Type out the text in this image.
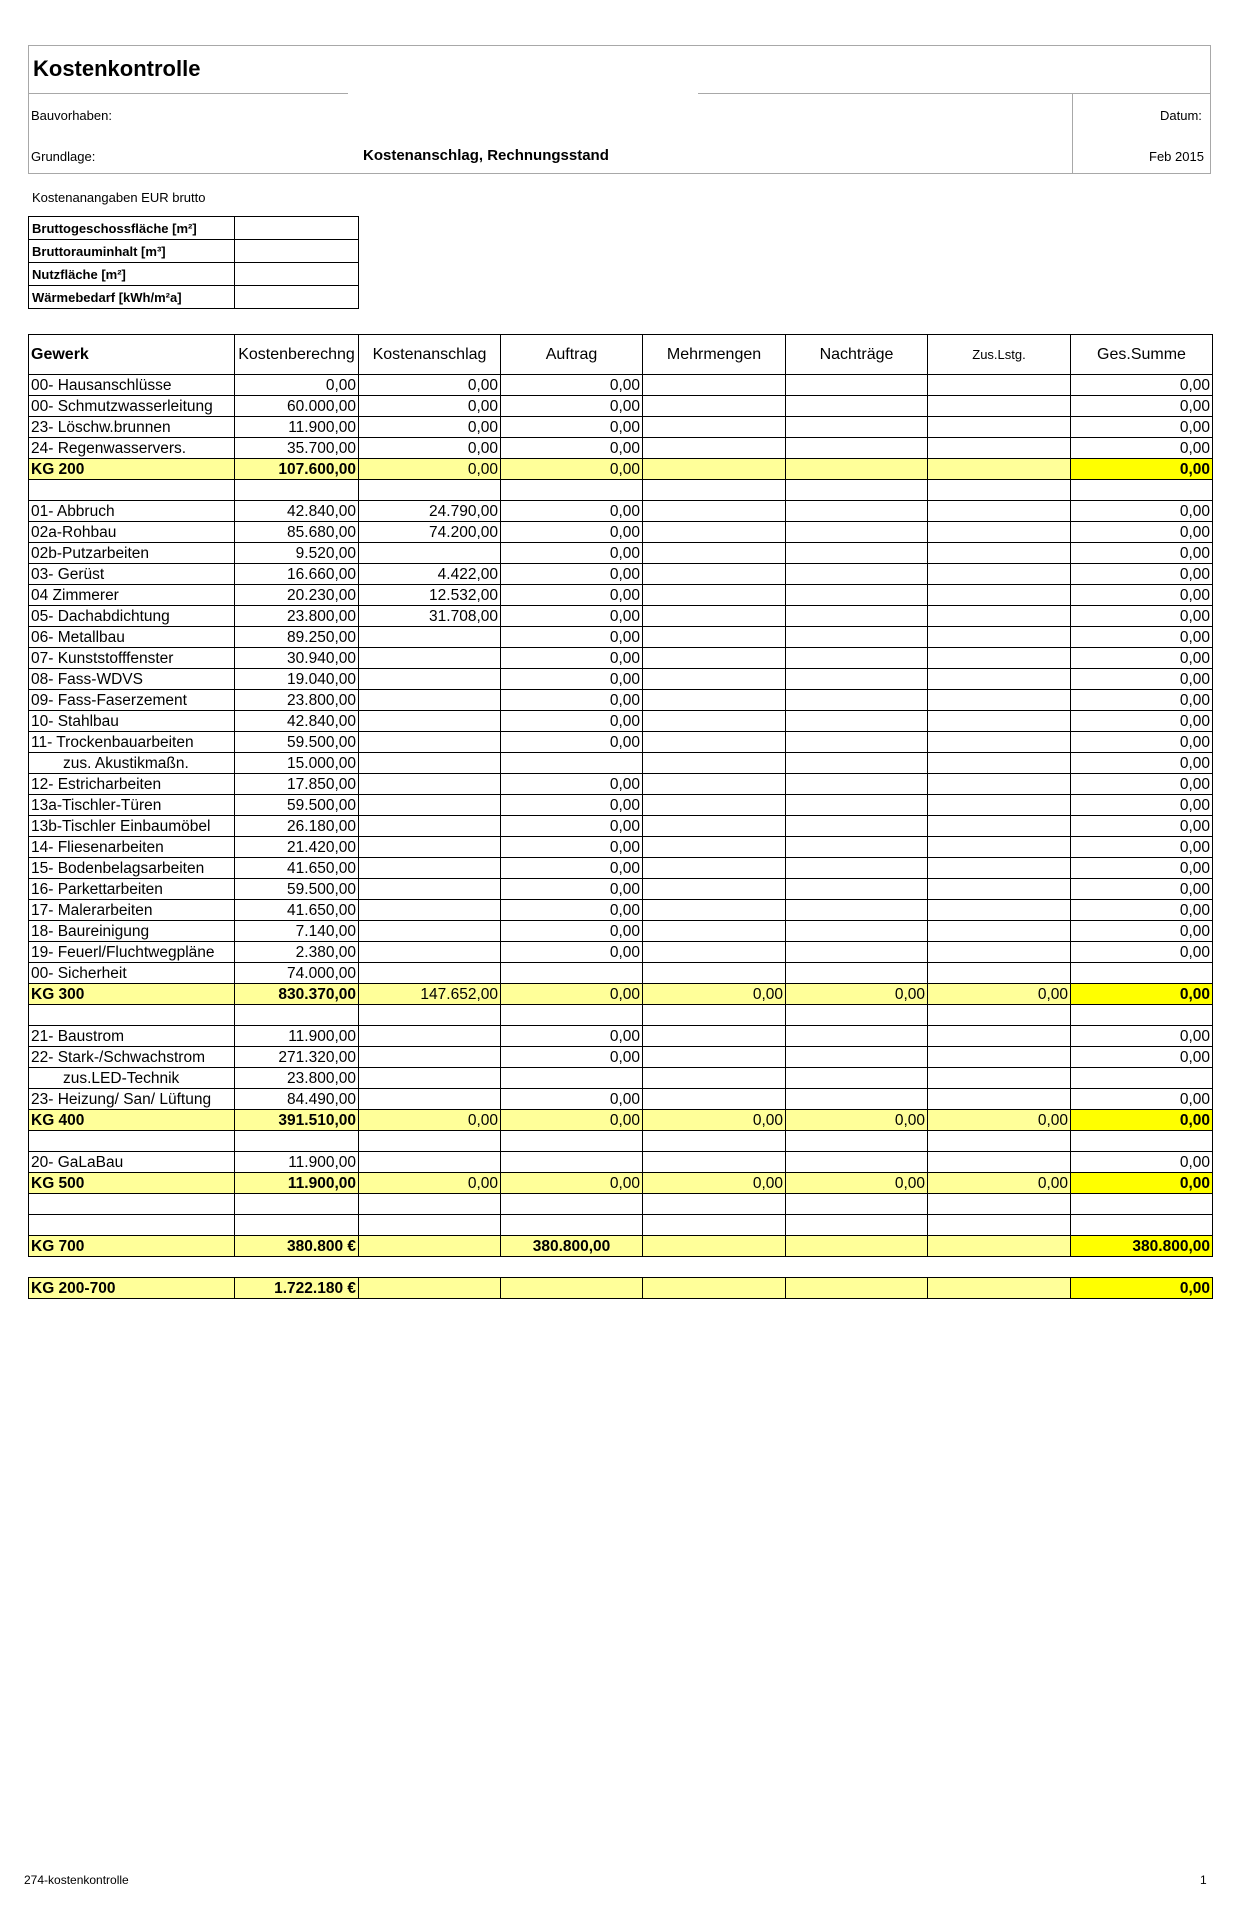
Kostenkontrolle
Bauvorhaben:	Datum:
Grundlage:	Kostenanschlag, Rechnungsstand	Feb 2015
Kostenanangaben EUR brutto
Bruttogeschossfläche [m²]	
Bruttorauminhalt [m³]	
Nutzfläche [m²]	
Wärmebedarf [kWh/m²a]	
Gewerk	Kostenberechng	Kostenanschlag	Auftrag	Mehrmengen	Nachträge	Zus.Lstg.	Ges.Summe
00- Hausanschlüsse	0,00	0,00	0,00				0,00
00- Schmutzwasserleitung	60.000,00	0,00	0,00				0,00
23- Löschw.brunnen	11.900,00	0,00	0,00				0,00
24- Regenwasservers.	35.700,00	0,00	0,00				0,00
KG 200	107.600,00	0,00	0,00				0,00

01- Abbruch	42.840,00	24.790,00	0,00				0,00
02a-Rohbau	85.680,00	74.200,00	0,00				0,00
02b-Putzarbeiten	9.520,00		0,00				0,00
03- Gerüst	16.660,00	4.422,00	0,00				0,00
04 Zimmerer	20.230,00	12.532,00	0,00				0,00
05- Dachabdichtung	23.800,00	31.708,00	0,00				0,00
06- Metallbau	89.250,00		0,00				0,00
07- Kunststofffenster	30.940,00		0,00				0,00
08- Fass-WDVS	19.040,00		0,00				0,00
09- Fass-Faserzement	23.800,00		0,00				0,00
10- Stahlbau	42.840,00		0,00				0,00
11- Trockenbauarbeiten	59.500,00		0,00				0,00
zus. Akustikmaßn.	15.000,00						0,00
12- Estricharbeiten	17.850,00		0,00				0,00
13a-Tischler-Türen	59.500,00		0,00				0,00
13b-Tischler Einbaumöbel	26.180,00		0,00				0,00
14- Fliesenarbeiten	21.420,00		0,00				0,00
15- Bodenbelagsarbeiten	41.650,00		0,00				0,00
16- Parkettarbeiten	59.500,00		0,00				0,00
17- Malerarbeiten	41.650,00		0,00				0,00
18- Baureinigung	7.140,00		0,00				0,00
19- Feuerl/Fluchtwegpläne	2.380,00		0,00				0,00
00- Sicherheit	74.000,00						
KG 300	830.370,00	147.652,00	0,00	0,00	0,00	0,00	0,00

21- Baustrom	11.900,00		0,00				0,00
22- Stark-/Schwachstrom	271.320,00		0,00				0,00
zus.LED-Technik	23.800,00						
23- Heizung/ San/ Lüftung	84.490,00		0,00				0,00
KG 400	391.510,00	0,00	0,00	0,00	0,00	0,00	0,00

20- GaLaBau	11.900,00						0,00
KG 500	11.900,00	0,00	0,00	0,00	0,00	0,00	0,00

KG 700	380.800 €		380.800,00				380.800,00

KG 200-700	1.722.180 €						0,00
274-kostenkontrolle	1
